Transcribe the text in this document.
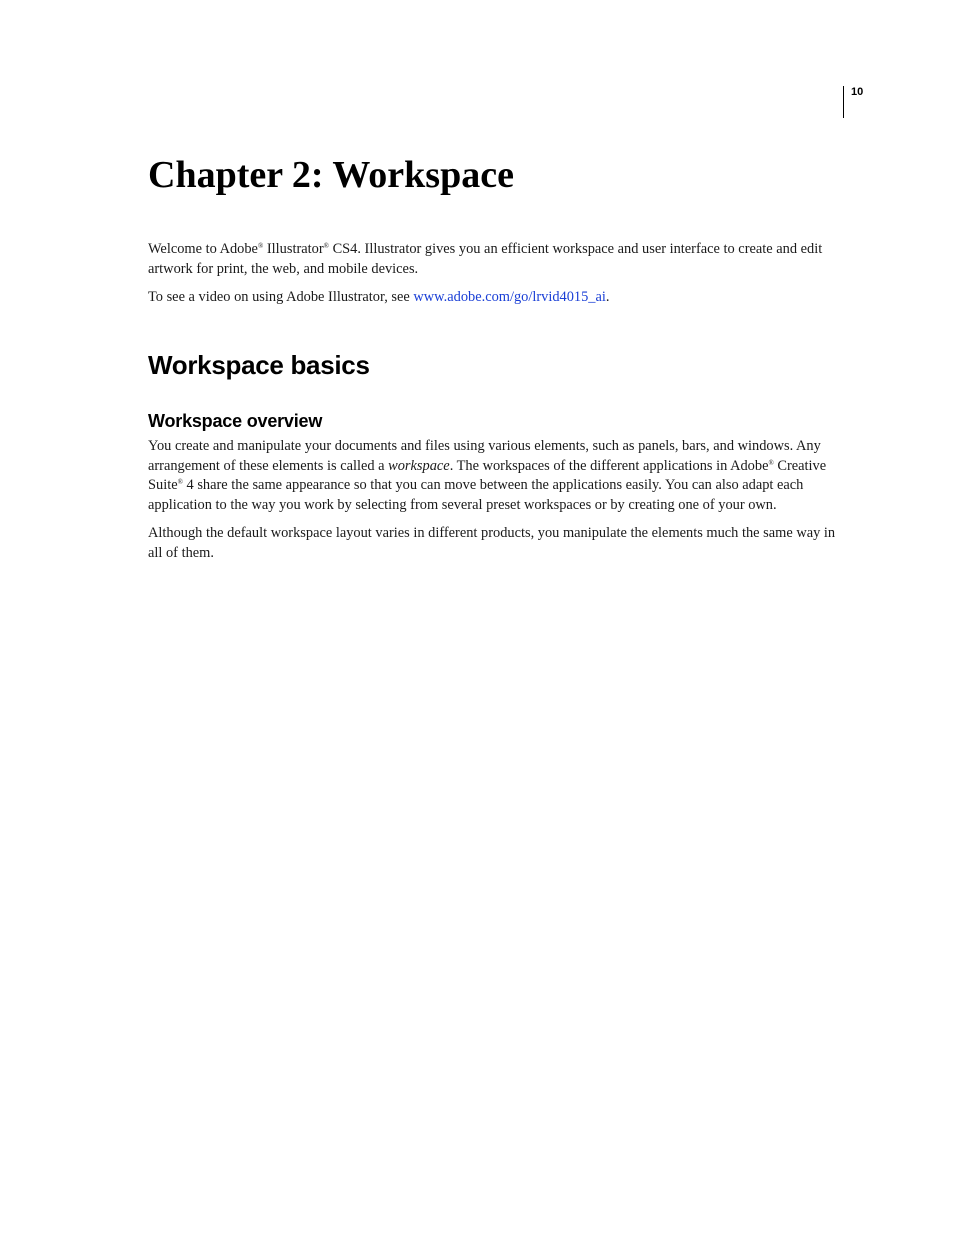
10
Chapter 2: Workspace

Welcome to Adobe® Illustrator® CS4. Illustrator gives you an efficient workspace and user interface to create and edit artwork for print, the web, and mobile devices.

To see a video on using Adobe Illustrator, see www.adobe.com/go/lrvid4015_ai.

Workspace basics
Workspace overview

You create and manipulate your documents and files using various elements, such as panels, bars, and windows. Any arrangement of these elements is called a workspace. The workspaces of the different applications in Adobe® Creative Suite® 4 share the same appearance so that you can move between the applications easily. You can also adapt each application to the way you work by selecting from several preset workspaces or by creating one of your own.

Although the default workspace layout varies in different products, you manipulate the elements much the same way in all of them.
